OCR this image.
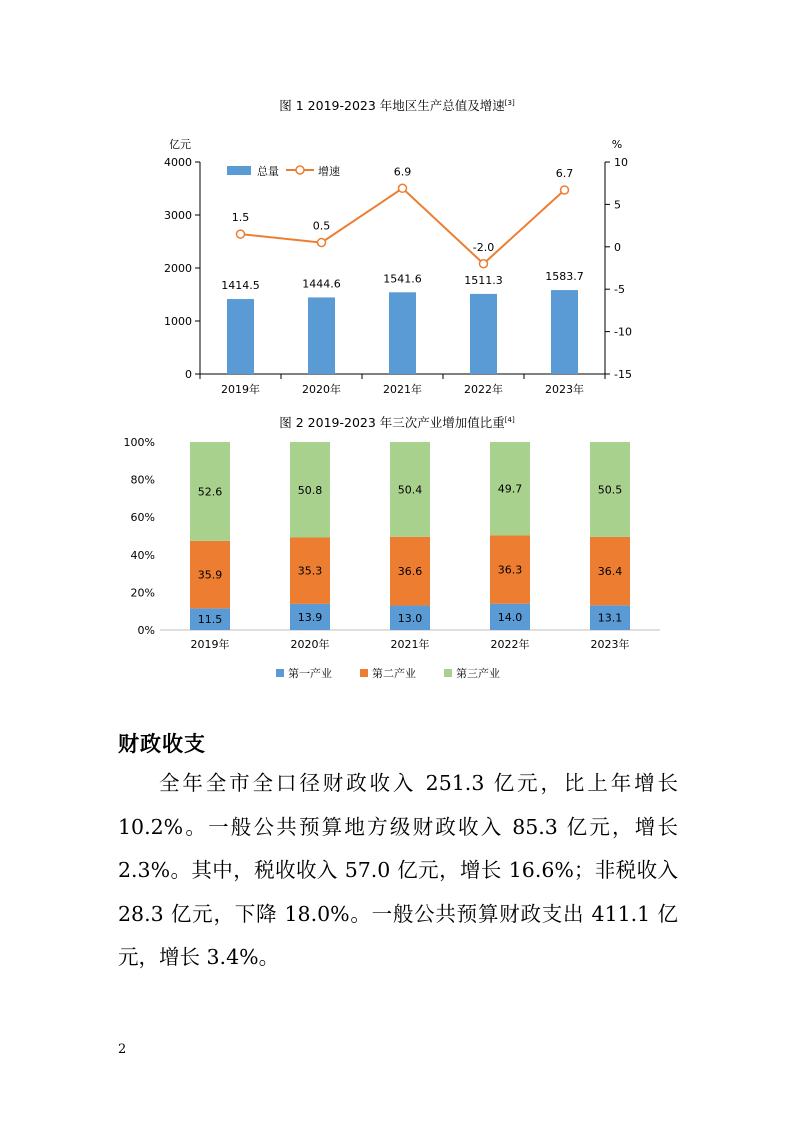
图 1 2019-2023 年地区生产总值及增速[3]
亿元	%
0
1000
2000
3000
4000
-15
-10
-5
0
5
10
2019年	2020年	2021年	2022年	2023年
1414.5	1444.6	1541.6	1511.3	1583.7
1.5
0.5
6.9
-2.0
6.7
总量	增速
图 2 2019-2023 年三次产业增加值比重[4]
0%
20%
40%
60%
80%
100%
2019年	2020年	2021年	2022年	2023年
11.5
35.9
52.6
13.9
35.3
50.8
13.0
36.6
50.4
14.0
36.3
49.7
13.1
36.4
50.5
第一产业	第二产业	第三产业
财政收支
全年全市全口径财政收入 251.3 亿元，比上年增长 10.2%。一般公共预算地方级财政收入 85.3 亿元，增长 2.3%。其中，税收收入 57.0 亿元，增长 16.6%；非税收入 28.3 亿元，下降 18.0%。一般公共预算财政支出 411.1 亿元，增长 3.4%。
2
